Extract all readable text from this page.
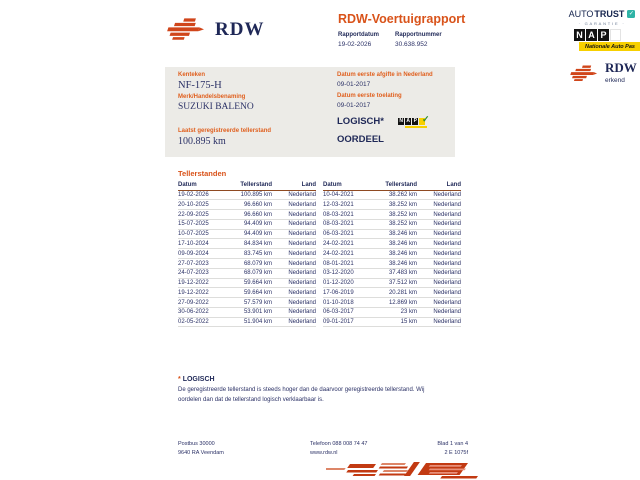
RDW	RDW-Voertuigrapport
Rapportdatum
19-02-2026
Rapportnummer
30.638.952
AUTO TRUST ✓
· GARANTIE ·
N A P
Nationale Auto Pas
RDW
erkend
Kenteken
NF-175-H
Merk/Handelsbenaming
SUZUKI BALENO
Laatst geregistreerde tellerstand
100.895 km
Datum eerste afgifte in Nederland
09-01-2017
Datum eerste toelating
09-01-2017
LOGISCH*	N A P ✓
OORDEEL
Tellerstanden
Datum	Tellerstand	Land
19-02-2026	100.895 km	Nederland
20-10-2025	96.660 km	Nederland
22-09-2025	96.660 km	Nederland
15-07-2025	94.409 km	Nederland
10-07-2025	94.409 km	Nederland
17-10-2024	84.834 km	Nederland
09-09-2024	83.745 km	Nederland
27-07-2023	68.079 km	Nederland
24-07-2023	68.079 km	Nederland
19-12-2022	59.664 km	Nederland
19-12-2022	59.664 km	Nederland
27-09-2022	57.579 km	Nederland
30-06-2022	53.901 km	Nederland
02-05-2022	51.904 km	Nederland
Datum	Tellerstand	Land
10-04-2021	38.262 km	Nederland
12-03-2021	38.252 km	Nederland
08-03-2021	38.252 km	Nederland
08-03-2021	38.252 km	Nederland
06-03-2021	38.246 km	Nederland
24-02-2021	38.246 km	Nederland
24-02-2021	38.246 km	Nederland
08-01-2021	38.246 km	Nederland
03-12-2020	37.483 km	Nederland
01-12-2020	37.512 km	Nederland
17-06-2019	20.281 km	Nederland
01-10-2018	12.869 km	Nederland
06-03-2017	23 km	Nederland
09-01-2017	15 km	Nederland
* LOGISCH
De geregistreerde tellerstand is steeds hoger dan de daarvoor geregistreerde tellerstand. Wij oordelen dan dat de tellerstand logisch verklaarbaar is.
Postbus 30000
9640 RA Veendam
Telefoon 088 008 74 47
www.rdw.nl
Blad 1 van 4
2 E 1075f
